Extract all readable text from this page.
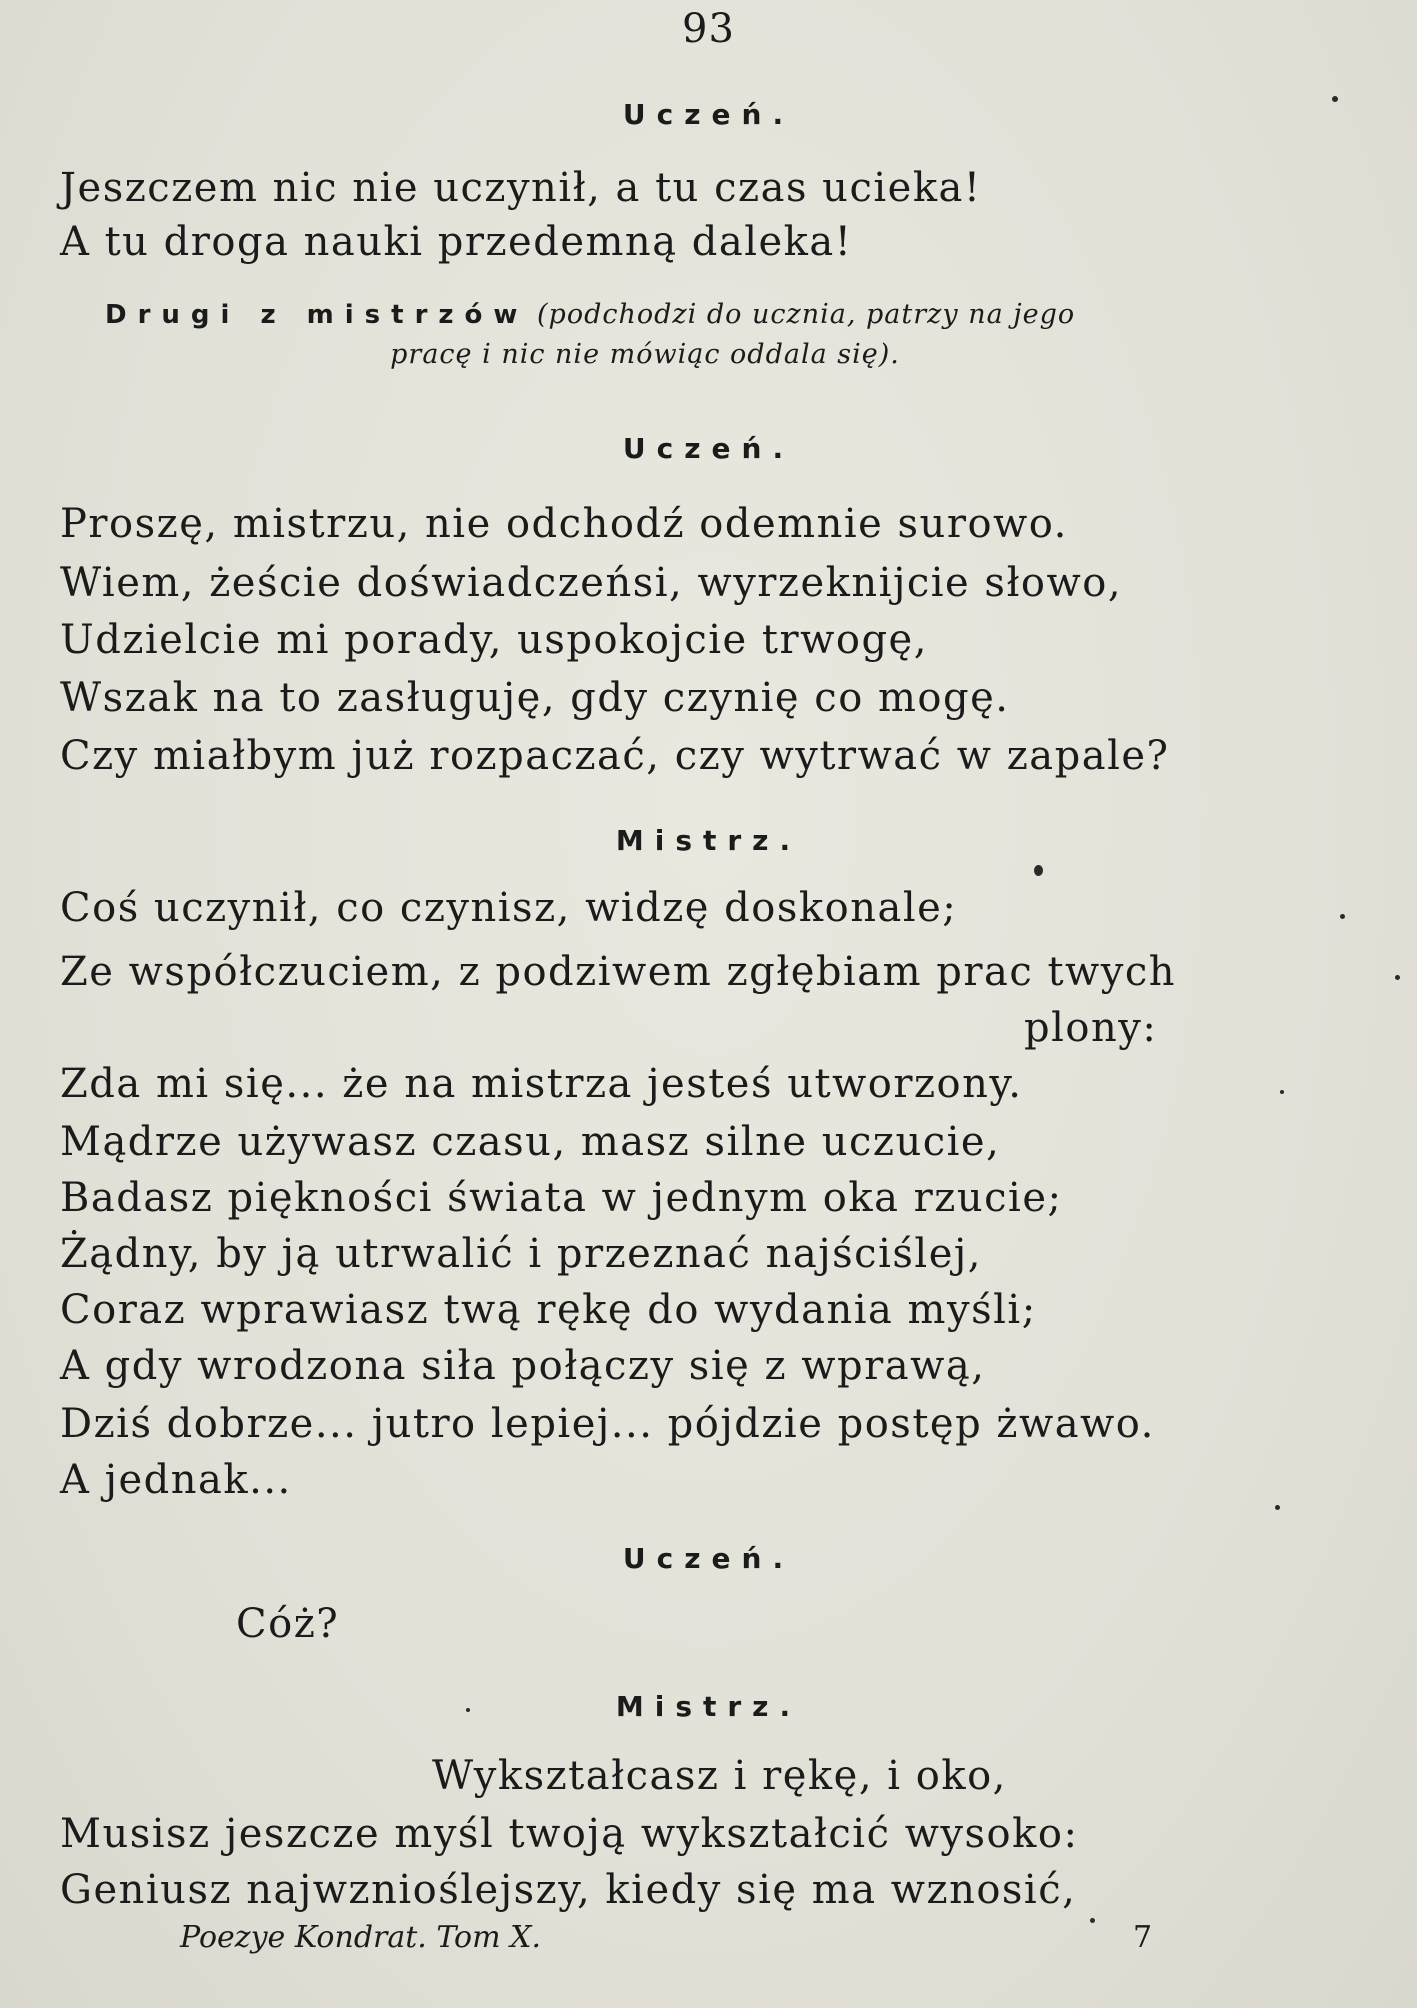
93
Uczeń.
Jeszczem nic nie uczynił, a tu czas ucieka!
A tu droga nauki przedemną daleka!
Drugi z mistrzów (podchodzi do ucznia, patrzy na jego
pracę i nic nie mówiąc oddala się).
Uczeń.
Proszę, mistrzu, nie odchodź odemnie surowo.
Wiem, żeście doświadczeńsi, wyrzeknijcie słowo,
Udzielcie mi porady, uspokojcie trwogę,
Wszak na to zasługuję, gdy czynię co mogę.
Czy miałbym już rozpaczać, czy wytrwać w zapale?
Mistrz.
Coś uczynił, co czynisz, widzę doskonale;
Ze współczuciem, z podziwem zgłębiam prac twych
plony:
Zda mi się... że na mistrza jesteś utworzony.
Mądrze używasz czasu, masz silne uczucie,
Badasz piękności świata w jednym oka rzucie;
Żądny, by ją utrwalić i przeznać najściślej,
Coraz wprawiasz twą rękę do wydania myśli;
A gdy wrodzona siła połączy się z wprawą,
Dziś dobrze... jutro lepiej... pójdzie postęp żwawo.
A jednak...
Uczeń.
Cóż?
Mistrz.
Wykształcasz i rękę, i oko,
Musisz jeszcze myśl twoją wykształcić wysoko:
Geniusz najwznioślejszy, kiedy się ma wznosić,
Poezye Kondrat. Tom X.	7
